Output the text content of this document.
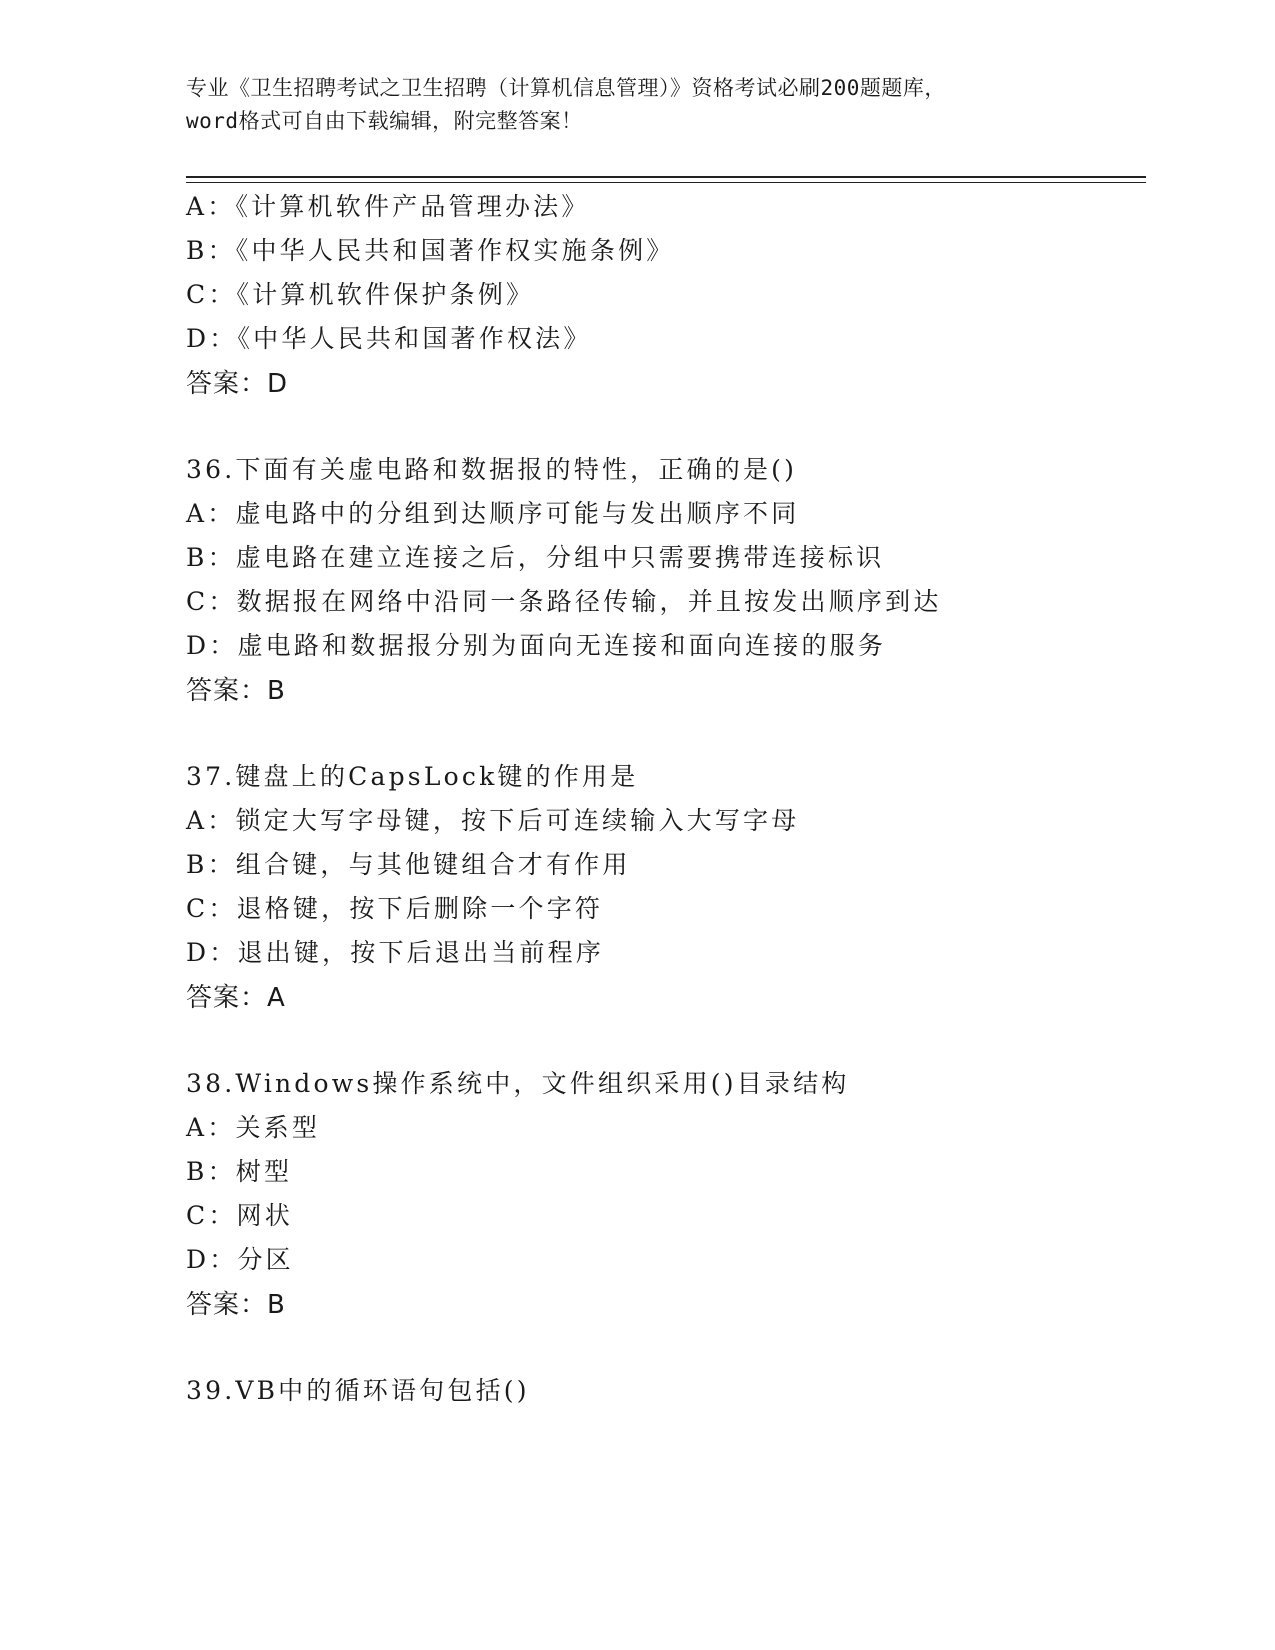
专业《卫生招聘考试之卫生招聘（计算机信息管理）》资格考试必刷200题题库，
word格式可自由下载编辑，附完整答案！
A：《计算机软件产品管理办法》
B：《中华人民共和国著作权实施条例》
C：《计算机软件保护条例》
D：《中华人民共和国著作权法》
答案：D
36.下面有关虚电路和数据报的特性，正确的是()
A：虚电路中的分组到达顺序可能与发出顺序不同
B：虚电路在建立连接之后，分组中只需要携带连接标识
C：数据报在网络中沿同一条路径传输，并且按发出顺序到达
D：虚电路和数据报分别为面向无连接和面向连接的服务
答案：B
37.键盘上的CapsLock键的作用是
A：锁定大写字母键，按下后可连续输入大写字母
B：组合键，与其他键组合才有作用
C：退格键，按下后删除一个字符
D：退出键，按下后退出当前程序
答案：A
38.Windows操作系统中，文件组织采用()目录结构
A：关系型
B：树型
C：网状
D：分区
答案：B
39.VB中的循环语句包括()
